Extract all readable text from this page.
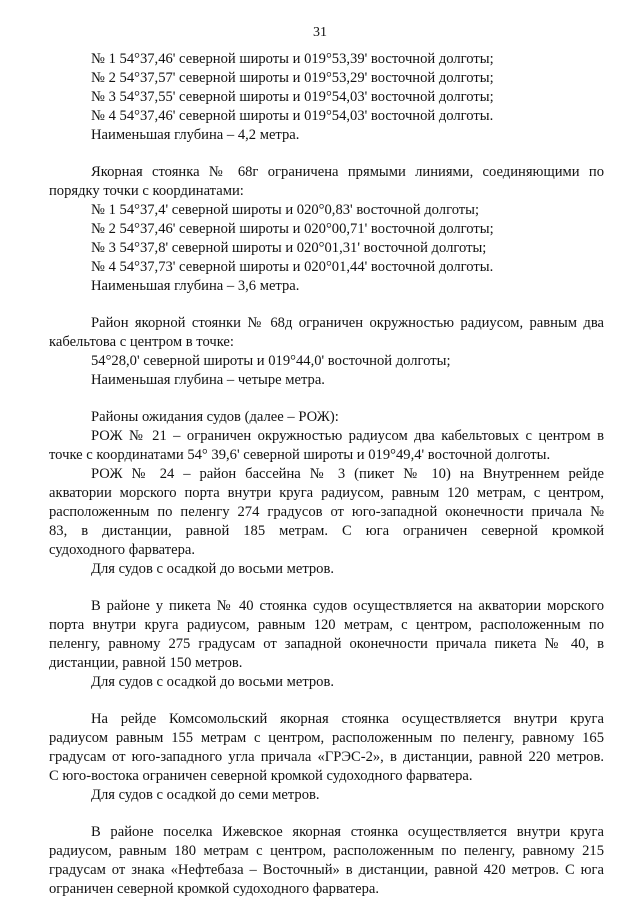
31
№ 1 54°37,46' северной широты и 019°53,39' восточной долготы;
№ 2 54°37,57' северной широты и 019°53,29' восточной долготы;
№ 3 54°37,55' северной широты и 019°54,03' восточной долготы;
№ 4 54°37,46' северной широты и 019°54,03' восточной долготы.
Наименьшая глубина – 4,2 метра.
Якорная стоянка № 68г ограничена прямыми линиями, соединяющими по
порядку точки с координатами:
№ 1 54°37,4' северной широты и 020°0,83' восточной долготы;
№ 2 54°37,46' северной широты и 020°00,71' восточной долготы;
№ 3 54°37,8' северной широты и 020°01,31' восточной долготы;
№ 4 54°37,73' северной широты и 020°01,44' восточной долготы.
Наименьшая глубина – 3,6 метра.
Район якорной стоянки № 68д ограничен окружностью радиусом, равным два
кабельтова с центром в точке:
54°28,0' северной широты и 019°44,0' восточной долготы;
Наименьшая глубина – четыре метра.
Районы ожидания судов (далее – РОЖ):
РОЖ № 21 – ограничен окружностью радиусом два кабельтовых с центром в
точке с координатами 54° 39,6' северной широты и 019°49,4' восточной долготы.
РОЖ № 24 – район бассейна № 3 (пикет № 10) на Внутреннем рейде
акватории морского порта внутри круга радиусом, равным 120 метрам, с центром,
расположенным по пеленгу 274 градусов от юго-западной оконечности причала №
83, в дистанции, равной 185 метрам. С юга ограничен северной кромкой
судоходного фарватера.
Для судов с осадкой до восьми метров.
В районе у пикета № 40 стоянка судов осуществляется на акватории морского
порта внутри круга радиусом, равным 120 метрам, с центром, расположенным по
пеленгу, равному 275 градусам от западной оконечности причала пикета № 40, в
дистанции, равной 150 метров.
Для судов с осадкой до восьми метров.
На рейде Комсомольский якорная стоянка осуществляется внутри круга
радиусом равным 155 метрам с центром, расположенным по пеленгу, равному 165
градусам от юго-западного угла причала «ГРЭС-2», в дистанции, равной 220 метров.
С юго-востока ограничен северной кромкой судоходного фарватера.
Для судов с осадкой до семи метров.
В районе поселка Ижевское якорная стоянка осуществляется внутри круга
радиусом, равным 180 метрам с центром, расположенным по пеленгу, равному 215
градусам от знака «Нефтебаза – Восточный» в дистанции, равной 420 метров. С юга
ограничен северной кромкой судоходного фарватера.
